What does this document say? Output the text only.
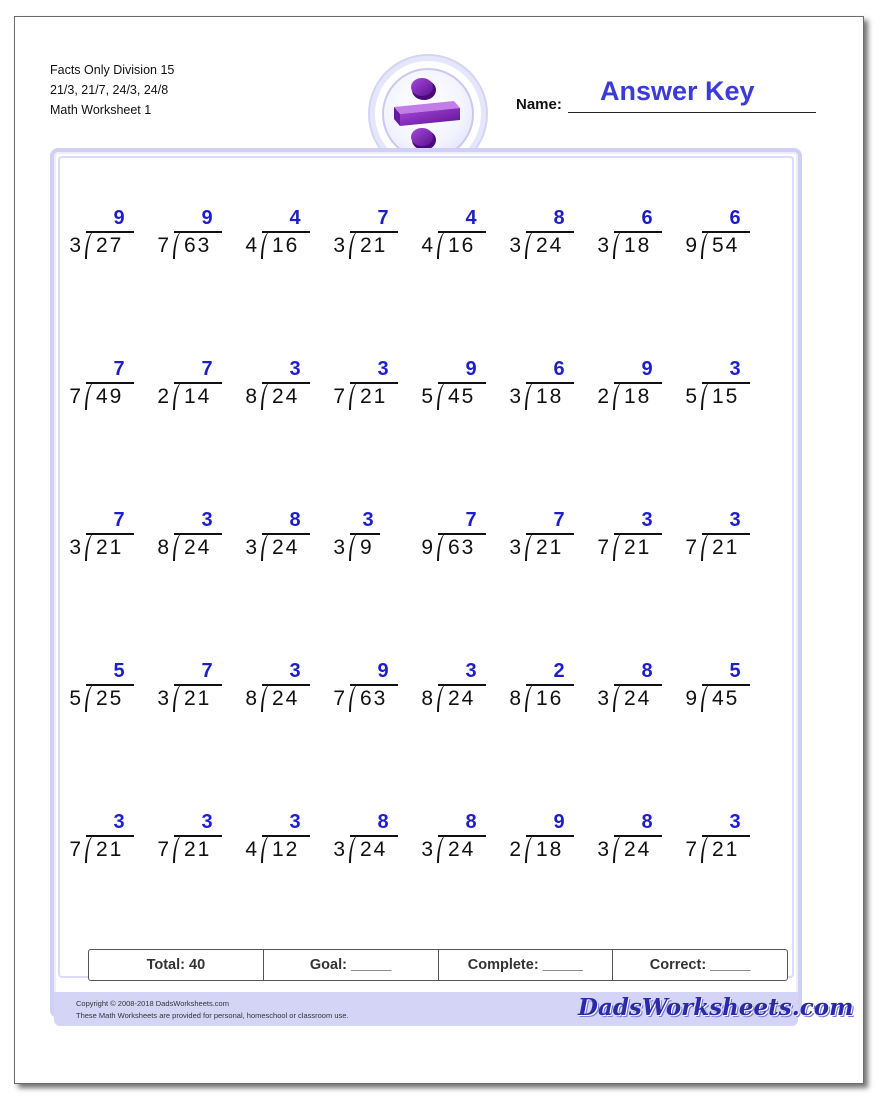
Facts Only Division 15
21/3, 21/7, 24/3, 24/8
Math Worksheet 1	Name: Answer Key
9
3 27
9
7 63
4
4 16
7
3 21
4
4 16
8
3 24
6
3 18
6
9 54
7
7 49
7
2 14
3
8 24
3
7 21
9
5 45
6
3 18
9
2 18
3
5 15
7
3 21
3
8 24
8
3 24
3
3 9
7
9 63
7
3 21
3
7 21
3
7 21
5
5 25
7
3 21
3
8 24
9
7 63
3
8 24
2
8 16
8
3 24
5
9 45
3
7 21
3
7 21
3
4 12
8
3 24
8
3 24
9
2 18
8
3 24
3
7 21
Total: 40	Goal: _____	Complete: _____	Correct: _____
Copyright © 2008-2018 DadsWorksheets.com
These Math Worksheets are provided for personal, homeschool or classroom use.	DadsWorksheets.com
